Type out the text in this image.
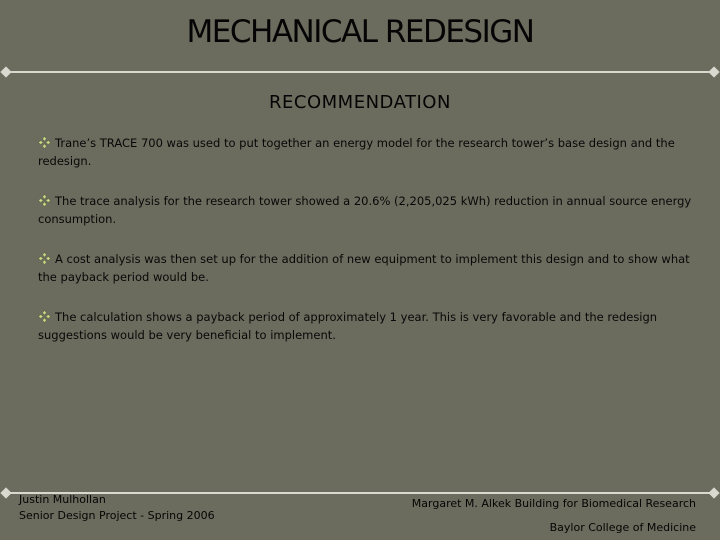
MECHANICAL REDESIGN
RECOMMENDATION
Trane’s TRACE 700 was used to put together an energy model for the research tower’s base design and the redesign.
The trace analysis for the research tower showed a 20.6% (2,205,025 kWh) reduction in annual source energy consumption.
A cost analysis was then set up for the addition of new equipment to implement this design and to show what the payback period would be.
The calculation shows a payback period of approximately 1 year. This is very favorable and the redesign suggestions would be very beneficial to implement.
Justin Mulhollan
Senior Design Project - Spring 2006
Margaret M. Alkek Building for Biomedical Research
Baylor College of Medicine
